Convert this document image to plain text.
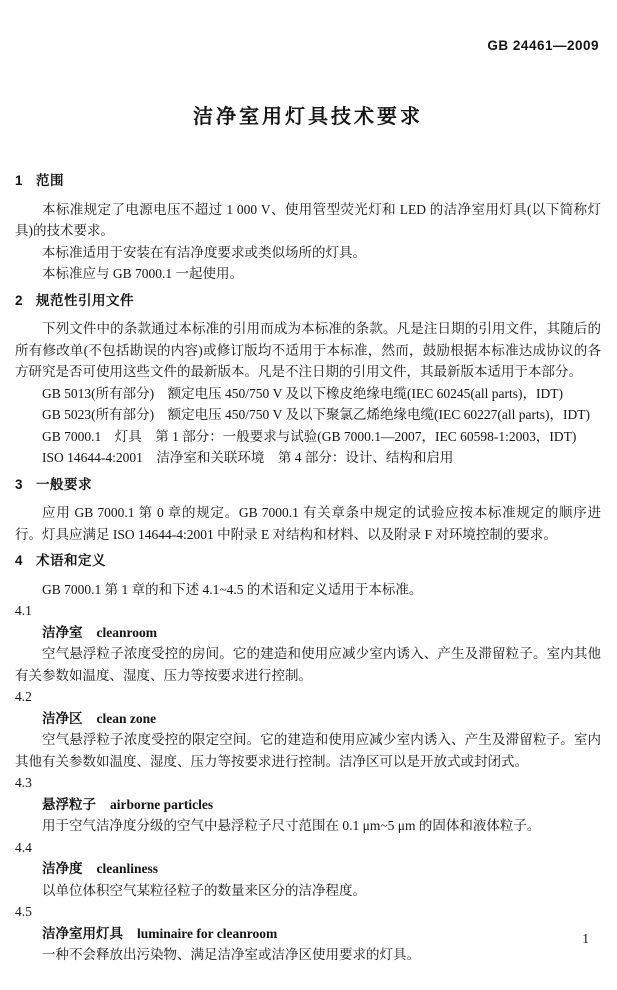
GB 24461—2009
洁净室用灯具技术要求
1 范围

本标准规定了电源电压不超过 1 000 V、使用管型荧光灯和 LED 的洁净室用灯具(以下简称灯具)的技术要求。

本标准适用于安装在有洁净度要求或类似场所的灯具。

本标准应与 GB 7000.1 一起使用。

2 规范性引用文件

下列文件中的条款通过本标准的引用而成为本标准的条款。凡是注日期的引用文件，其随后的所有修改单(不包括勘误的内容)或修订版均不适用于本标准，然而，鼓励根据本标准达成协议的各方研究是否可使用这些文件的最新版本。凡是不注日期的引用文件，其最新版本适用于本部分。

GB 5013(所有部分)　额定电压 450/750 V 及以下橡皮绝缘电缆(IEC 60245(all parts)，IDT)

GB 5023(所有部分)　额定电压 450/750 V 及以下聚氯乙烯绝缘电缆(IEC 60227(all parts)，IDT)

GB 7000.1　灯具　第 1 部分：一般要求与试验(GB 7000.1—2007，IEC 60598-1:2003，IDT)

ISO 14644-4:2001　洁净室和关联环境　第 4 部分：设计、结构和启用

3 一般要求

应用 GB 7000.1 第 0 章的规定。GB 7000.1 有关章条中规定的试验应按本标准规定的顺序进行。灯具应满足 ISO 14644-4:2001 中附录 E 对结构和材料、以及附录 F 对环境控制的要求。

4 术语和定义

GB 7000.1 第 1 章的和下述 4.1~4.5 的术语和定义适用于本标准。

4.1

洁净室 cleanroom

空气悬浮粒子浓度受控的房间。它的建造和使用应减少室内诱入、产生及滞留粒子。室内其他有关参数如温度、湿度、压力等按要求进行控制。

4.2

洁净区 clean zone

空气悬浮粒子浓度受控的限定空间。它的建造和使用应减少室内诱入、产生及滞留粒子。室内其他有关参数如温度、湿度、压力等按要求进行控制。洁净区可以是开放式或封闭式。

4.3

悬浮粒子 airborne particles

用于空气洁净度分级的空气中悬浮粒子尺寸范围在 0.1 μm~5 μm 的固体和液体粒子。

4.4

洁净度 cleanliness

以单位体积空气某粒径粒子的数量来区分的洁净程度。

4.5

洁净室用灯具 luminaire for cleanroom

一种不会释放出污染物、满足洁净室或洁净区使用要求的灯具。

1
